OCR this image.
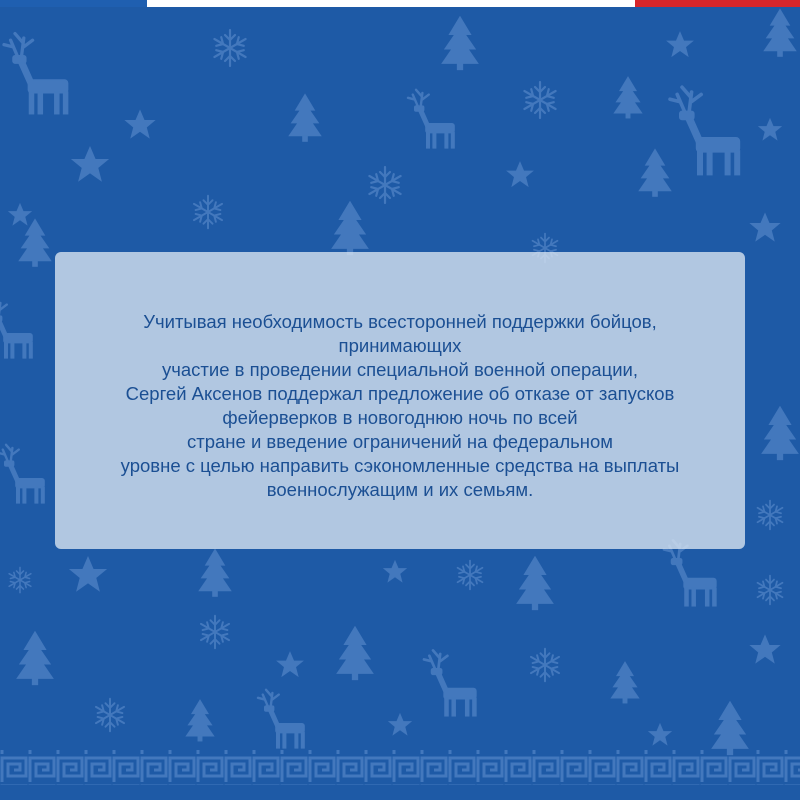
Учитывая необходимость всесторонней поддержки бойцов,
принимающих
участие в проведении специальной военной операции,
Сергей Аксенов поддержал предложение об отказе от запусков
фейерверков в новогоднюю ночь по всей
стране и введение ограничений на федеральном
уровне с целью направить сэкономленные средства на выплаты
военнослужащим и их семьям.
